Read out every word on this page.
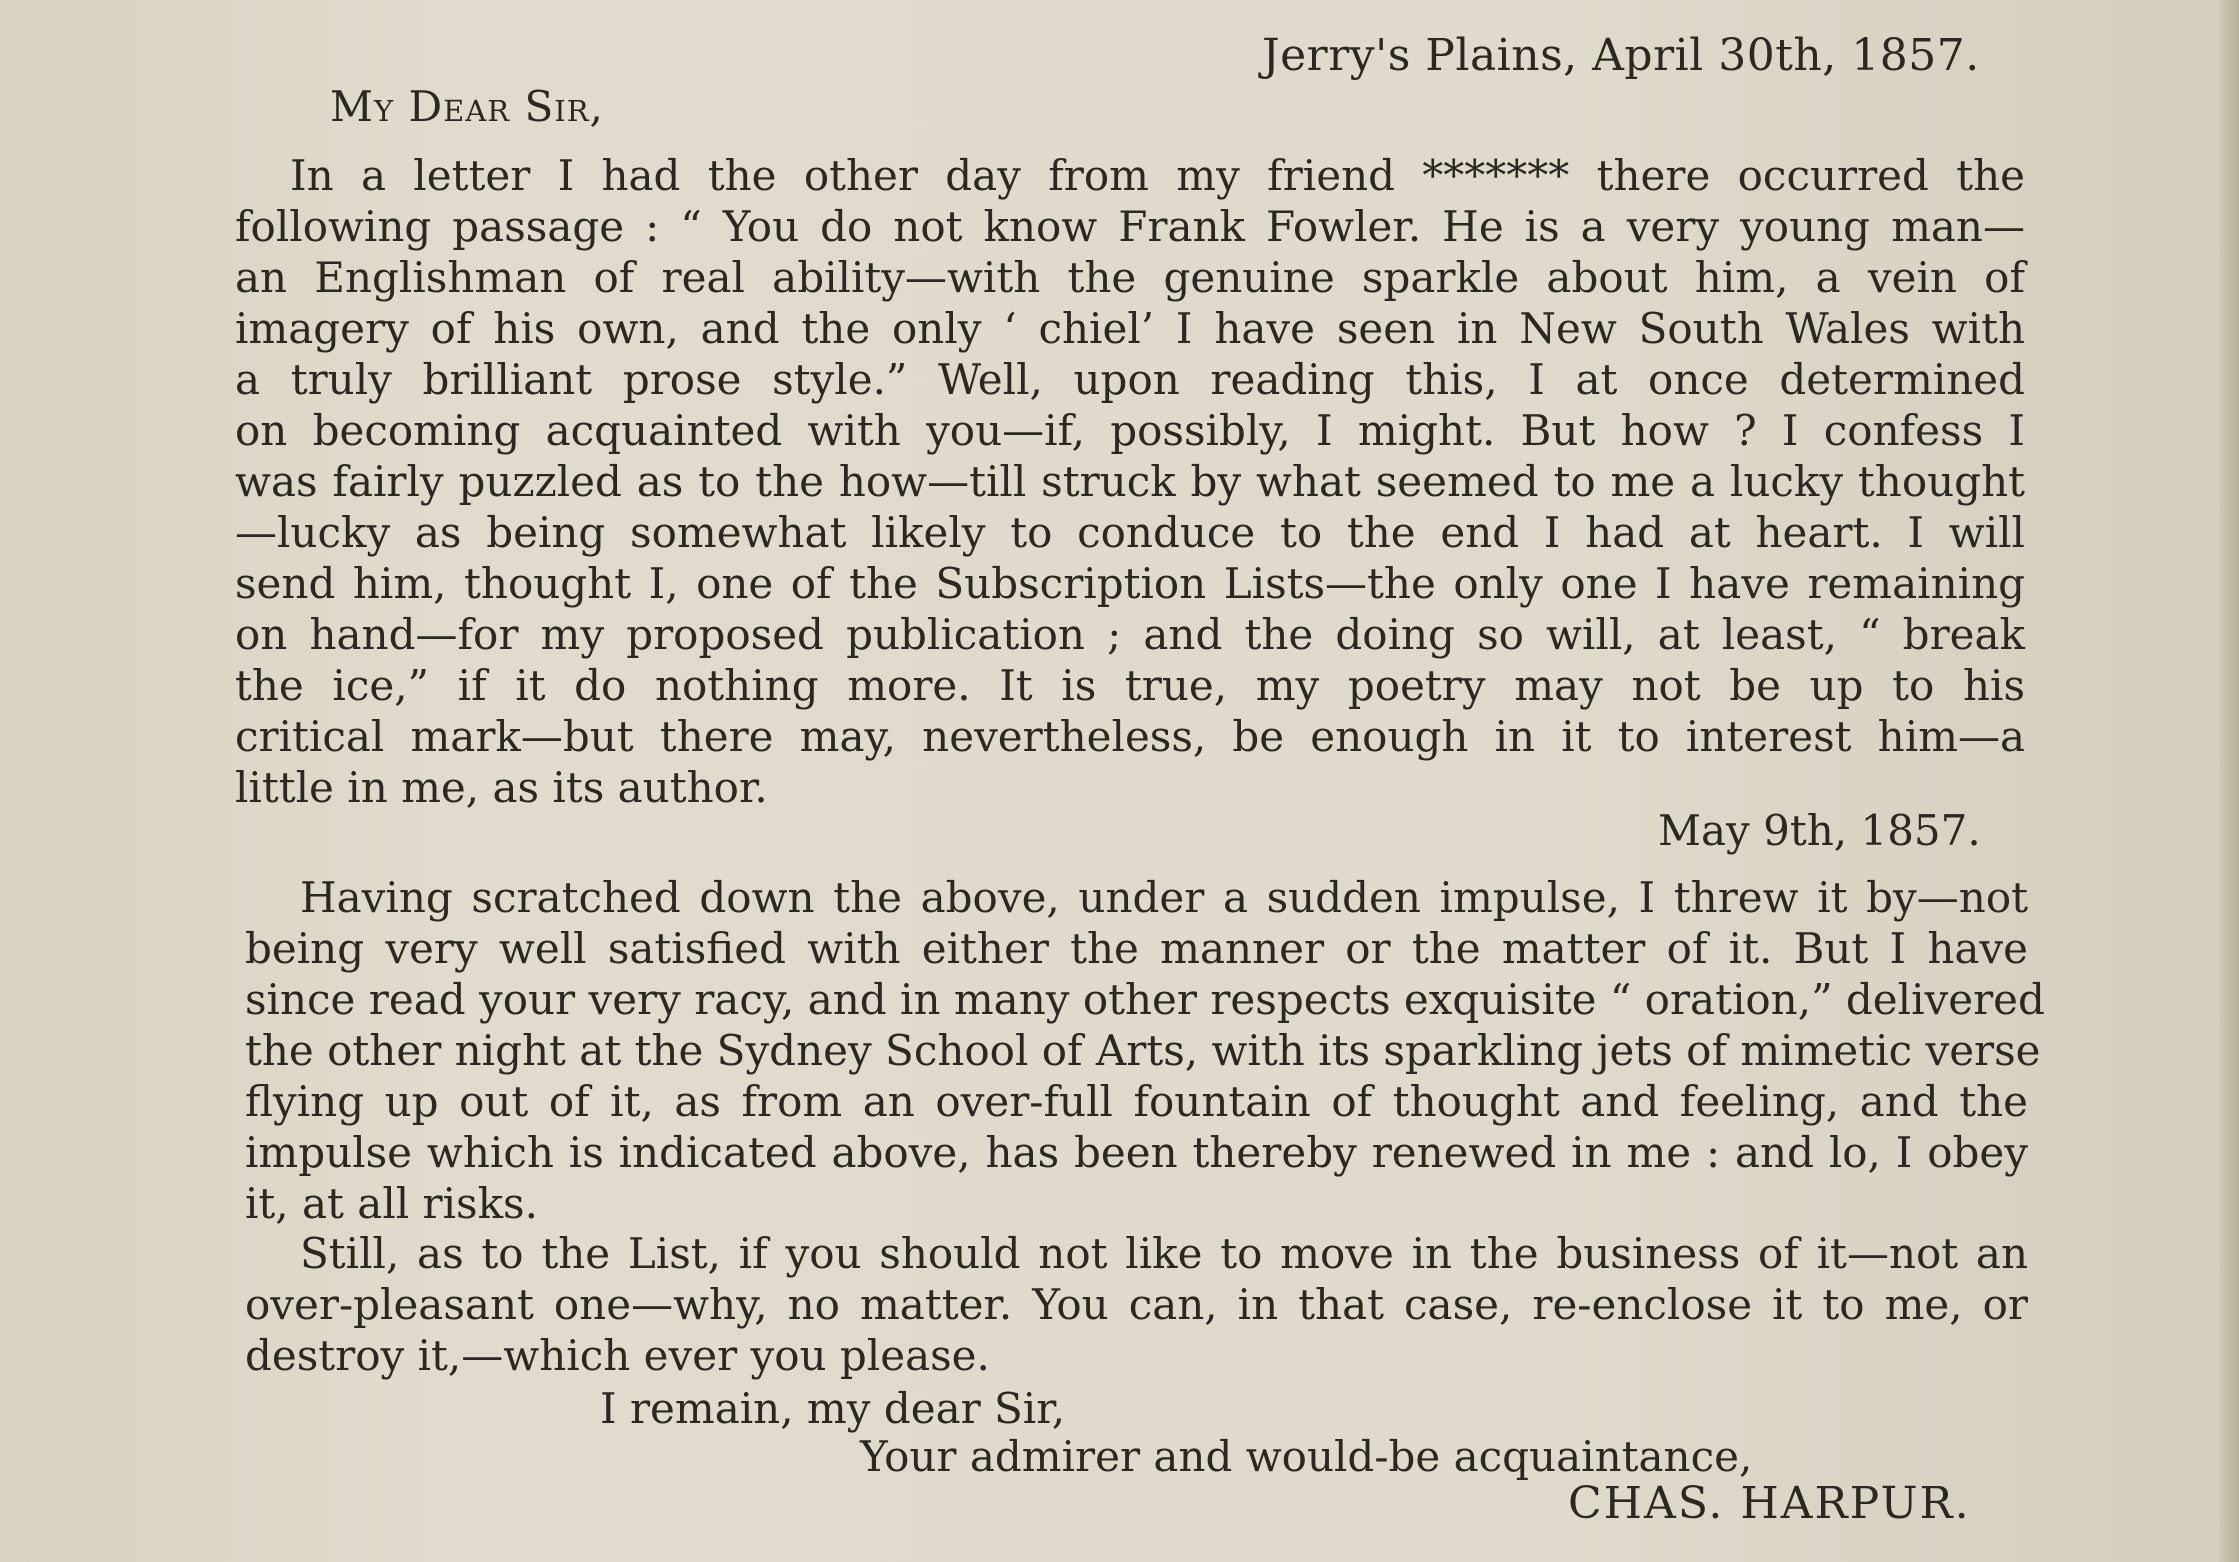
Jerry's Plains, April 30th, 1857.
My Dear Sir,
In a letter I had the other day from my friend ******* there occurred the
following passage : “ You do not know Frank Fowler. He is a very young man—
an Englishman of real ability—with the genuine sparkle about him, a vein of
imagery of his own, and the only ‘ chiel’ I have seen in New South Wales with
a truly brilliant prose style.” Well, upon reading this, I at once determined
on becoming acquainted with you—if, possibly, I might. But how ? I confess I
was fairly puzzled as to the how—till struck by what seemed to me a lucky thought
—lucky as being somewhat likely to conduce to the end I had at heart. I will
send him, thought I, one of the Subscription Lists—the only one I have remaining
on hand—for my proposed publication ; and the doing so will, at least, “ break
the ice,” if it do nothing more. It is true, my poetry may not be up to his
critical mark—but there may, nevertheless, be enough in it to interest him—a
little in me, as its author.
May 9th, 1857.
Having scratched down the above, under a sudden impulse, I threw it by—not
being very well satisfied with either the manner or the matter of it. But I have
since read your very racy, and in many other respects exquisite “ oration,” delivered
the other night at the Sydney School of Arts, with its sparkling jets of mimetic verse
flying up out of it, as from an over-full fountain of thought and feeling, and the
impulse which is indicated above, has been thereby renewed in me : and lo, I obey
it, at all risks.
Still, as to the List, if you should not like to move in the business of it—not an
over-pleasant one—why, no matter. You can, in that case, re-enclose it to me, or
destroy it,—which ever you please.
I remain, my dear Sir,
Your admirer and would-be acquaintance,
CHAS. HARPUR.
